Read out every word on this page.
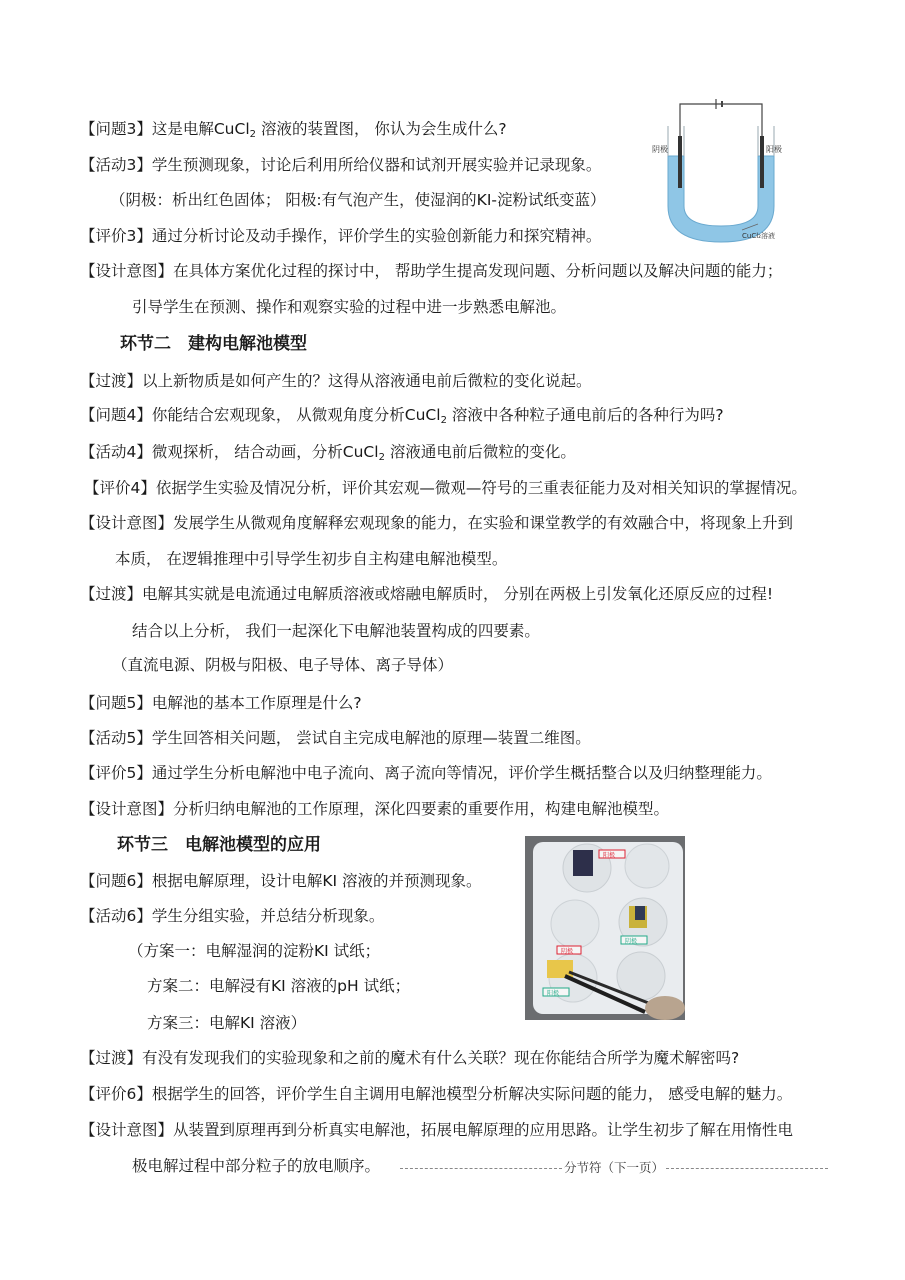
【问题3】这是电解CuCl$_2$ 溶液的装置图， 你认为会生成什么?
【活动3】学生预测现象，讨论后利用所给仪器和试剂开展实验并记录现象。
（阴极：析出红色固体； 阳极:有气泡产生，使湿润的KI-淀粉试纸变蓝）
【评价3】通过分析讨论及动手操作，评价学生的实验创新能力和探究精神。
【设计意图】在具体方案优化过程的探讨中， 帮助学生提高发现问题、分析问题以及解决问题的能力；
引导学生在预测、操作和观察实验的过程中进一步熟悉电解池。
环节二　建构电解池模型
【过渡】以上新物质是如何产生的？这得从溶液通电前后微粒的变化说起。
【问题4】你能结合宏观现象， 从微观角度分析CuCl$_2$ 溶液中各种粒子通电前后的各种行为吗?
【活动4】微观探析， 结合动画，分析CuCl$_2$ 溶液通电前后微粒的变化。
【评价4】依据学生实验及情况分析，评价其宏观—微观—符号的三重表征能力及对相关知识的掌握情况。
【设计意图】发展学生从微观角度解释宏观现象的能力，在实验和课堂教学的有效融合中，将现象上升到
本质， 在逻辑推理中引导学生初步自主构建电解池模型。
【过渡】电解其实就是电流通过电解质溶液或熔融电解质时， 分别在两极上引发氧化还原反应的过程!
结合以上分析， 我们一起深化下电解池装置构成的四要素。
（直流电源、阴极与阳极、电子导体、离子导体）
【问题5】电解池的基本工作原理是什么?
【活动5】学生回答相关问题， 尝试自主完成电解池的原理—装置二维图。
【评价5】通过学生分析电解池中电子流向、离子流向等情况，评价学生概括整合以及归纳整理能力。
【设计意图】分析归纳电解池的工作原理，深化四要素的重要作用，构建电解池模型。
环节三　电解池模型的应用
【问题6】根据电解原理，设计电解KI 溶液的并预测现象。
【活动6】学生分组实验，并总结分析现象。
（方案一：电解湿润的淀粉KI 试纸；
方案二：电解浸有KI 溶液的pH 试纸；
方案三：电解KI 溶液）
【过渡】有没有发现我们的实验现象和之前的魔术有什么关联？现在你能结合所学为魔术解密吗?
【评价6】根据学生的回答，评价学生自主调用电解池模型分析解决实际问题的能力， 感受电解的魅力。
【设计意图】从装置到原理再到分析真实电解池，拓展电解原理的应用思路。让学生初步了解在用惰性电
极电解过程中部分粒子的放电顺序。	分节符（下一页）
阴极	阳极
CuCl₂溶液
阳极
阴极
阴极
阳极
